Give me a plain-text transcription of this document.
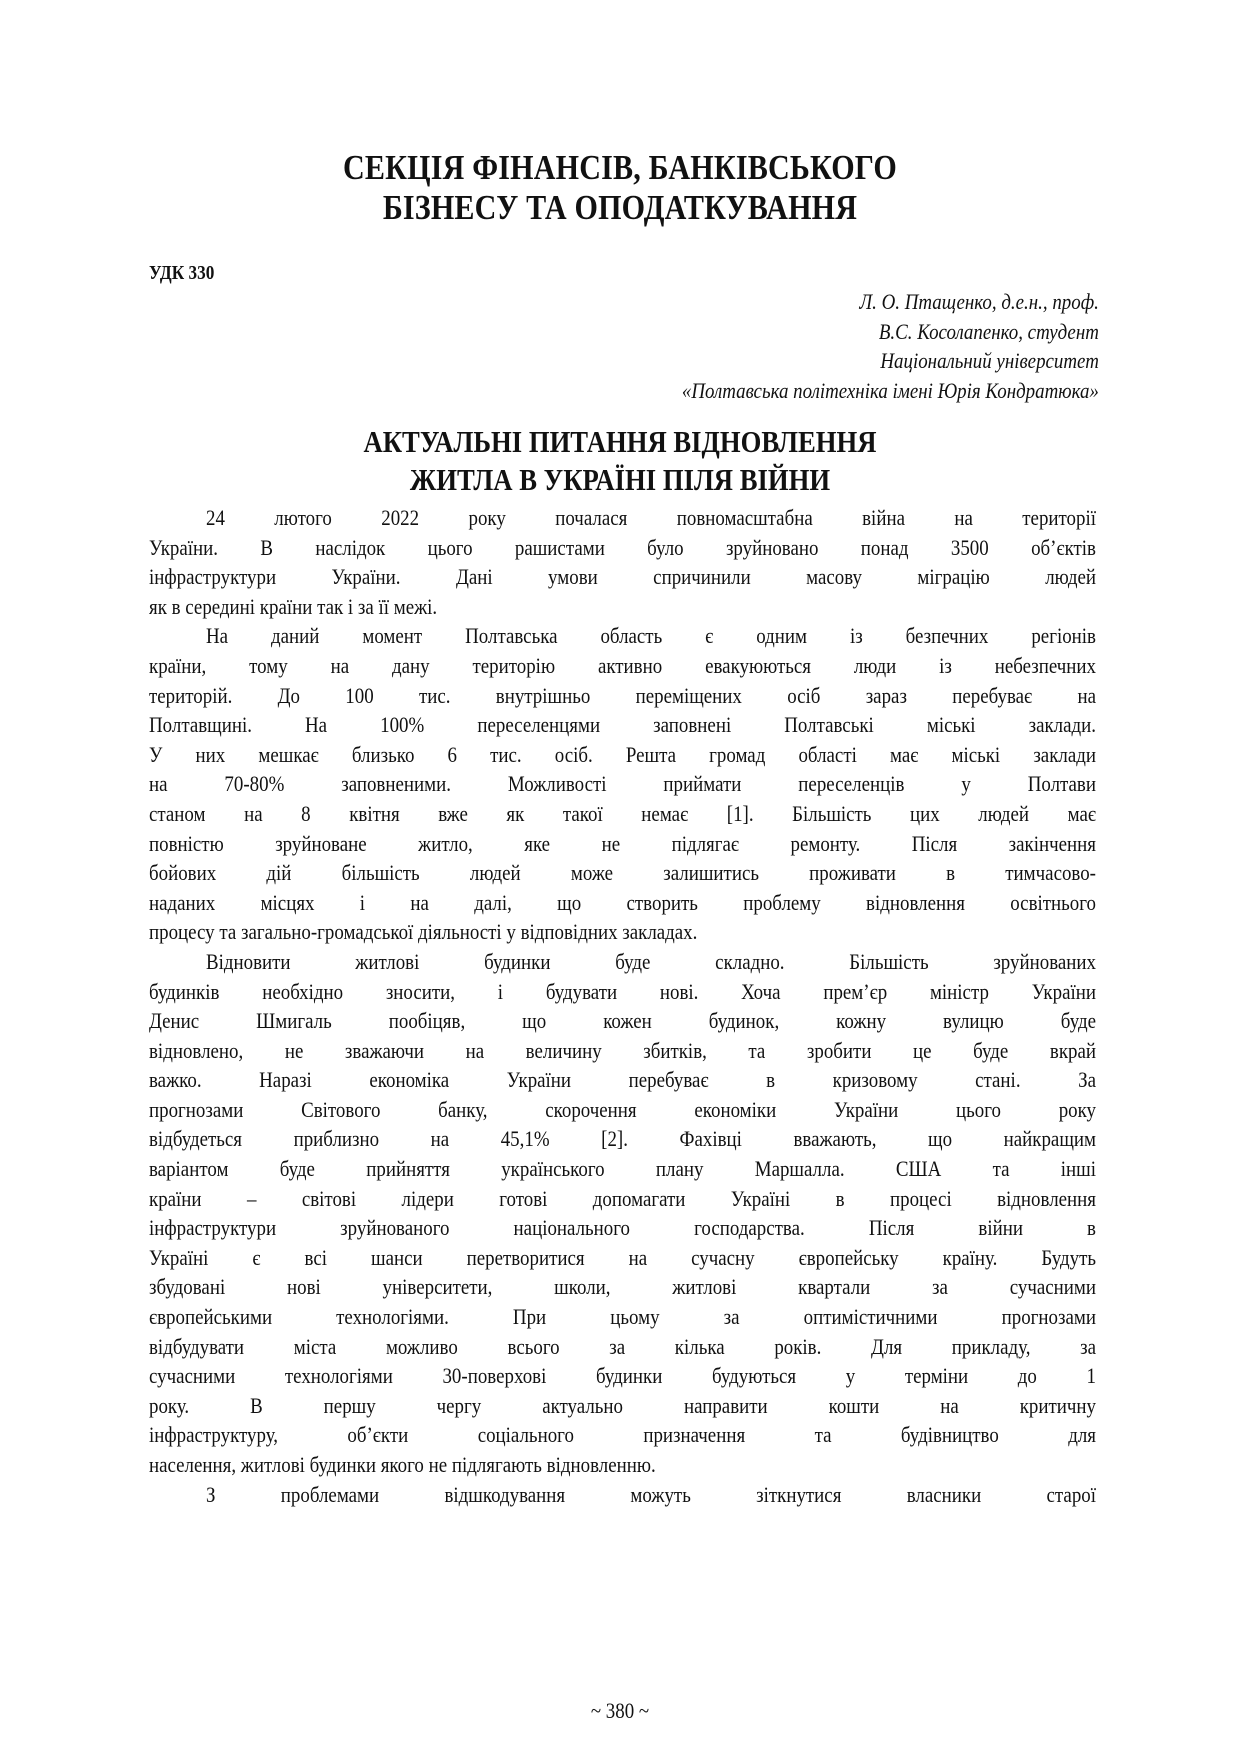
СЕКЦІЯ ФІНАНСІВ, БАНКІВСЬКОГО
БІЗНЕСУ ТА ОПОДАТКУВАННЯ
УДК 330
Л. О. Птащенко, д.е.н., проф.
В.С. Косолапенко, студент
Національний університет
«Полтавська політехніка імені Юрія Кондратюка»
АКТУАЛЬНІ ПИТАННЯ ВІДНОВЛЕННЯ
ЖИТЛА В УКРАЇНІ ПІЛЯ ВІЙНИ
24 лютого 2022 року почалася повномасштабна війна на території
України. В наслідок цього рашистами було зруйновано понад 3500 об’єктів
інфраструктури України. Дані умови спричинили масову міграцію людей
як в середині країни так і за її межі.
На даний момент Полтавська область є одним із безпечних регіонів
країни, тому на дану територію активно евакуюються люди із небезпечних
територій. До 100 тис. внутрішньо переміщених осіб зараз перебуває на
Полтавщині. На 100% переселенцями заповнені Полтавські міські заклади.
У них мешкає близько 6 тис. осіб. Решта громад області має міські заклади
на 70-80% заповненими. Можливості приймати переселенців у Полтави
станом на 8 квітня вже як такої немає [1]. Більшість цих людей має
повністю зруйноване житло, яке не підлягає ремонту. Після закінчення
бойових дій більшість людей може залишитись проживати в тимчасово-
наданих місцях і на далі, що створить проблему відновлення освітнього
процесу та загально-громадської діяльності у відповідних закладах.
Відновити житлові будинки буде складно. Більшість зруйнованих
будинків необхідно зносити, і будувати нові. Хоча прем’єр міністр України
Денис Шмигаль пообіцяв, що кожен будинок, кожну вулицю буде
відновлено, не зважаючи на величину збитків, та зробити це буде вкрай
важко. Наразі економіка України перебуває в кризовому стані. За
прогнозами Світового банку, скорочення економіки України цього року
відбудеться приблизно на 45,1% [2]. Фахівці вважають, що найкращим
варіантом буде прийняття українського плану Маршалла. США та інші
країни – світові лідери готові допомагати Україні в процесі відновлення
інфраструктури зруйнованого національного господарства. Після війни в
Україні є всі шанси перетворитися на сучасну європейську країну. Будуть
збудовані нові університети, школи, житлові квартали за сучасними
європейськими технологіями. При цьому за оптимістичними прогнозами
відбудувати міста можливо всього за кілька років. Для прикладу, за
сучасними технологіями 30-поверхові будинки будуються у терміни до 1
року. В першу чергу актуально направити кошти на критичну
інфраструктуру, об’єкти соціального призначення та будівництво для
населення, житлові будинки якого не підлягають відновленню.
З проблемами відшкодування можуть зіткнутися власники старої
~ 380 ~
